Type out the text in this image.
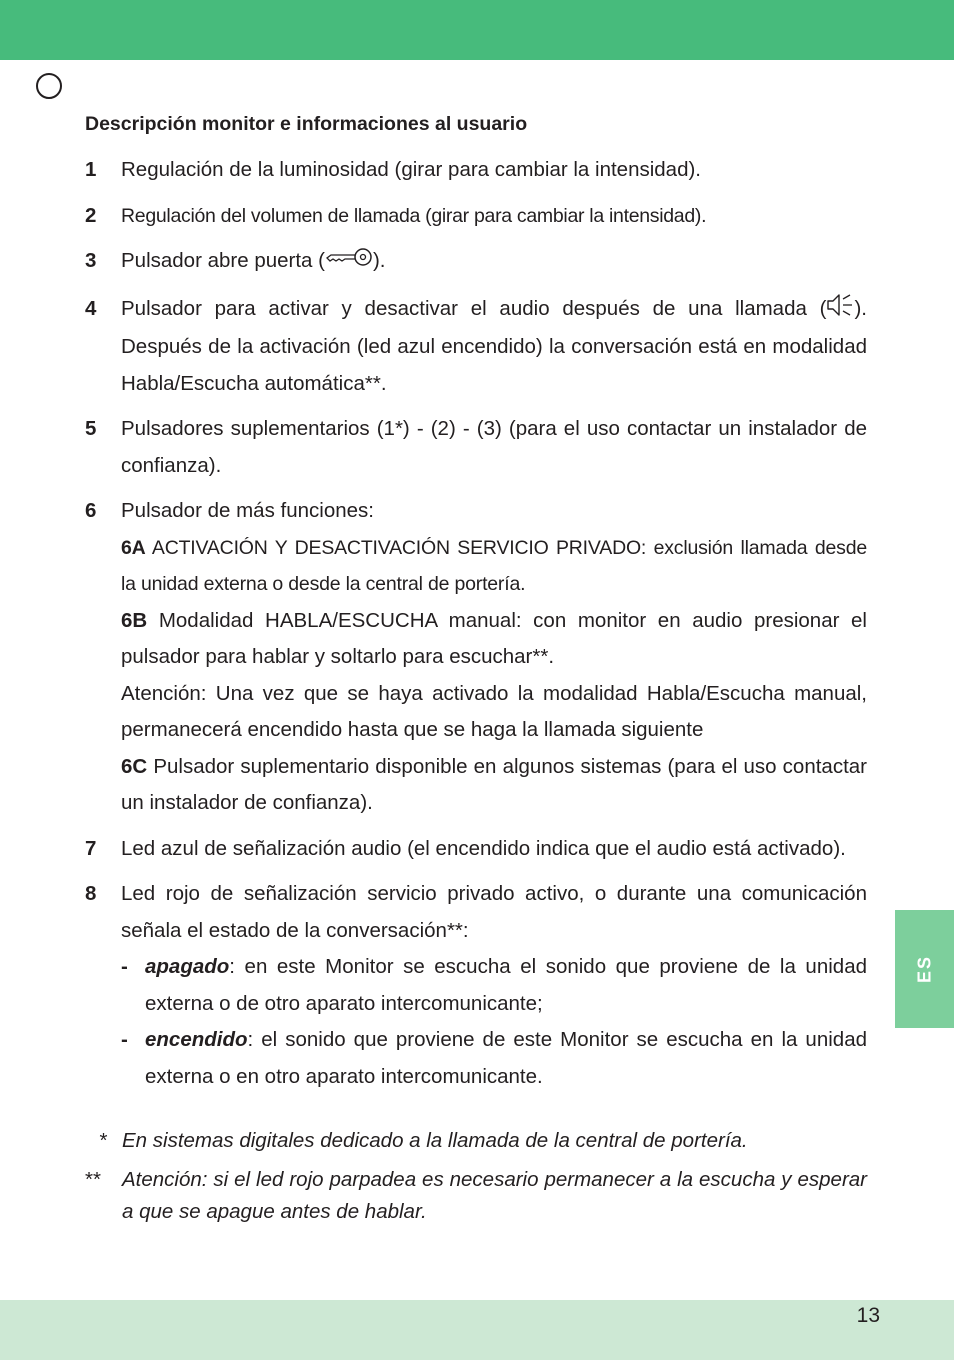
Descripción monitor e informaciones al usuario
1	Regulación de la luminosidad (girar para cambiar la intensidad).
2	Regulación del volumen de llamada (girar para cambiar la intensidad).
3	Pulsador abre puerta ( ).
4	Pulsador para activar y desactivar el audio después de una llamada ( ). Después de la activación (led azul encendido) la conversación está en modalidad Habla/Escucha automática**.
5	Pulsadores suplementarios (1*) - (2) - (3) (para el uso contactar un instalador de confianza).
6	Pulsador de más funciones:
6A ACTIVACIÓN Y DESACTIVACIÓN SERVICIO PRIVADO: exclusión llamada desde la unidad externa o desde la central de portería.
6B Modalidad HABLA/ESCUCHA manual: con monitor en audio presionar el pulsador para hablar y soltarlo para escuchar**.
Atención: Una vez que se haya activado la modalidad Habla/Escucha manual, permanecerá encendido hasta que se haga la llamada siguiente
6C Pulsador suplementario disponible en algunos sistemas (para el uso contactar un instalador de confianza).
7	Led azul de señalización audio (el encendido indica que el audio está activado).
8	Led rojo de señalización servicio privado activo, o durante una comunicación señala el estado de la conversación**:
- apagado: en este Monitor se escucha el sonido que proviene de la unidad externa o de otro aparato intercomunicante;
- encendido: el sonido que proviene de este Monitor se escucha en la unidad externa o en otro aparato intercomunicante.
* En sistemas digitales dedicado a la llamada de la central de portería.
**	Atención: si el led rojo parpadea es necesario permanecer a la escucha y esperar a que se apague antes de hablar.
ES
13
